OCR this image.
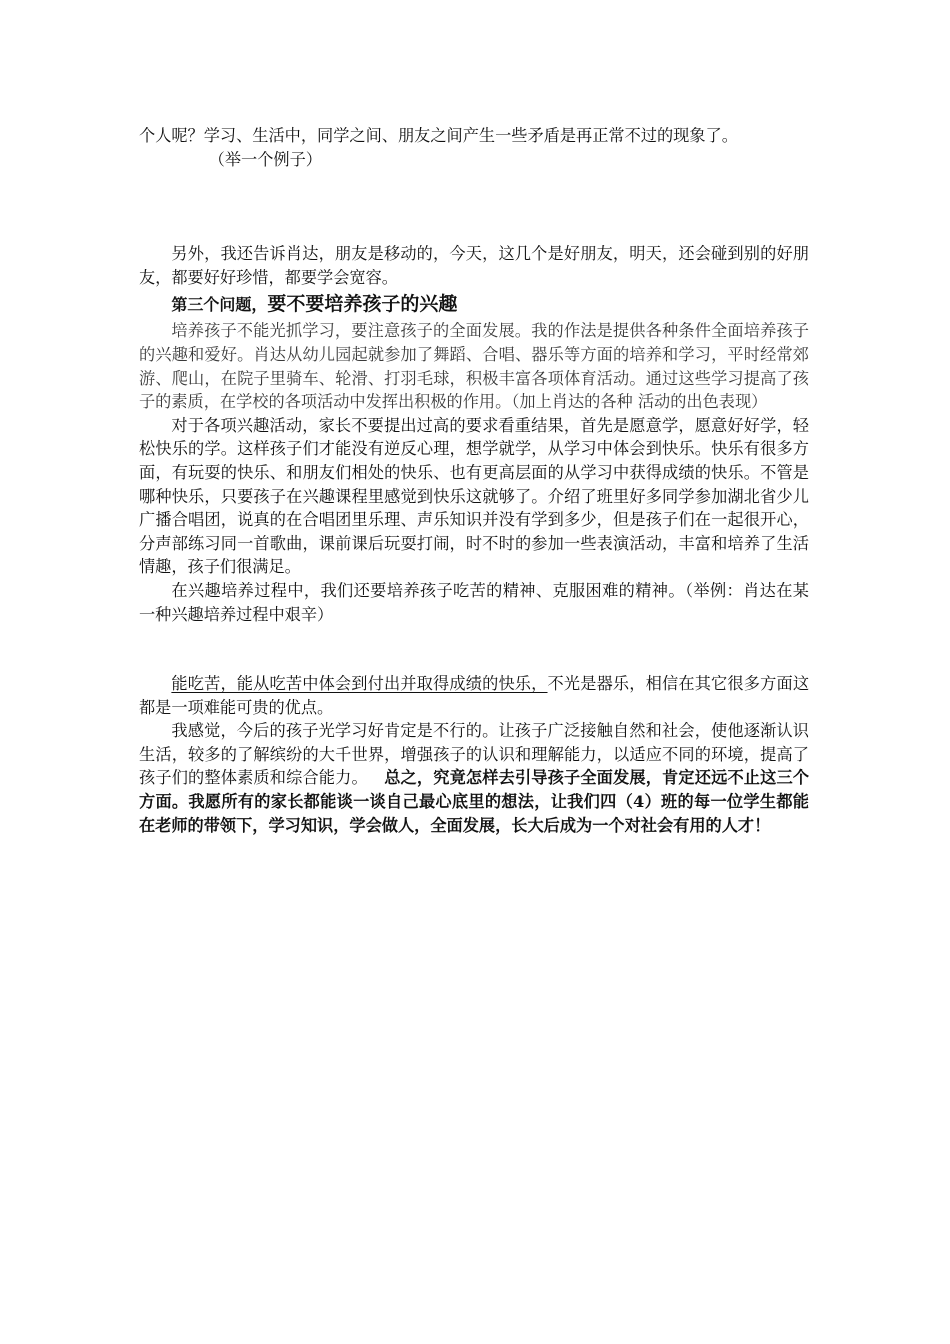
个人呢？学习、生活中，同学之间、朋友之间产生一些矛盾是再正常不过的现象了。

（举一个例子）

另外，我还告诉肖达，朋友是移动的，今天，这几个是好朋友，明天，还会碰到别的好朋友，都要好好珍惜，都要学会宽容。

第三个问题，要不要培养孩子的兴趣

培养孩子不能光抓学习，要注意孩子的全面发展。我的作法是提供各种条件全面培养孩子的兴趣和爱好。肖达从幼儿园起就参加了舞蹈、合唱、器乐等方面的培养和学习，平时经常郊游、爬山，在院子里骑车、轮滑、打羽毛球，积极丰富各项体育活动。通过这些学习提高了孩子的素质，在学校的各项活动中发挥出积极的作用。（加上肖达的各种 活动的出色表现）

对于各项兴趣活动，家长不要提出过高的要求看重结果，首先是愿意学，愿意好好学，轻松快乐的学。这样孩子们才能没有逆反心理，想学就学，从学习中体会到快乐。快乐有很多方面，有玩耍的快乐、和朋友们相处的快乐、也有更高层面的从学习中获得成绩的快乐。不管是哪种快乐，只要孩子在兴趣课程里感觉到快乐这就够了。介绍了班里好多同学参加湖北省少儿广播合唱团，说真的在合唱团里乐理、声乐知识并没有学到多少，但是孩子们在一起很开心，分声部练习同一首歌曲，课前课后玩耍打闹，时不时的参加一些表演活动，丰富和培养了生活情趣，孩子们很满足。

在兴趣培养过程中，我们还要培养孩子吃苦的精神、克服困难的精神。（举例：肖达在某一种兴趣培养过程中艰辛）

能吃苦，能从吃苦中体会到付出并取得成绩的快乐，不光是器乐，相信在其它很多方面这都是一项难能可贵的优点。

我感觉，今后的孩子光学习好肯定是不行的。让孩子广泛接触自然和社会，使他逐渐认识生活，较多的了解缤纷的大千世界，增强孩子的认识和理解能力，以适应不同的环境，提高了孩子们的整体素质和综合能力。  总之，究竟怎样去引导孩子全面发展，肯定还远不止这三个方面。我愿所有的家长都能谈一谈自己最心底里的想法，让我们四（4）班的每一位学生都能在老师的带领下，学习知识，学会做人，全面发展，长大后成为一个对社会有用的人才！
